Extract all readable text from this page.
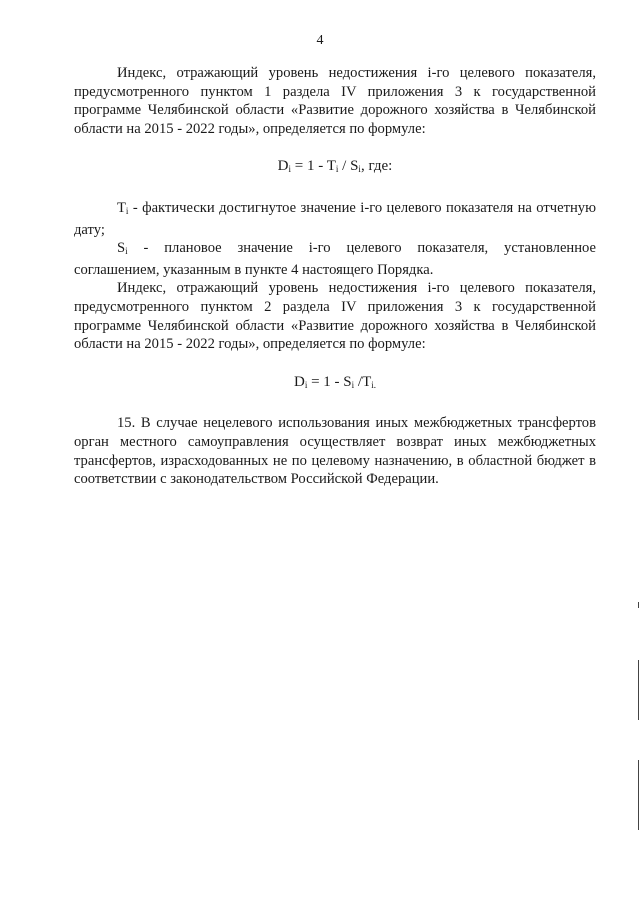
4

Индекс, отражающий уровень недостижения i-го целевого показателя, предусмотренного пунктом 1 раздела IV приложения 3 к государственной программе Челябинской области «Развитие дорожного хозяйства в Челябинской области на 2015 - 2022 годы», определяется по формуле:

$D_i = 1 - T_i / S_i$, где:

$T_i$ - фактически достигнутое значение i-го целевого показателя на отчетную дату;

$S_i$ - плановое значение i-го целевого показателя, установленное соглашением, указанным в пункте 4 настоящего Порядка.

Индекс, отражающий уровень недостижения i-го целевого показателя, предусмотренного пунктом 2 раздела IV приложения 3 к государственной программе Челябинской области «Развитие дорожного хозяйства в Челябинской области на 2015 - 2022 годы», определяется по формуле:

$D_i = 1 - S_i$ $/T_{i.}$

15. В случае нецелевого использования иных межбюджетных трансфертов орган местного самоуправления осуществляет возврат иных межбюджетных трансфертов, израсходованных не по целевому назначению, в областной бюджет в соответствии с законодательством Российской Федерации.
